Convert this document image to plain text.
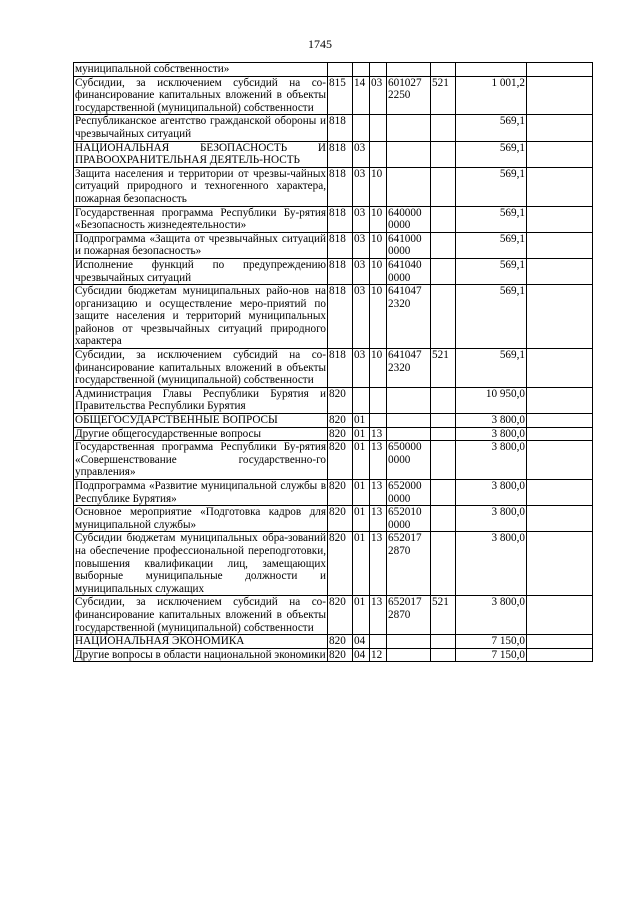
1745
муниципальной собственности»							
Субсидии, за исключением субсидий на со-финансирование капитальных вложений в объекты государственной (муниципальной) собственности	815	14	03	601027 2250	521	1 001,2	
Республиканское агентство гражданской обороны и чрезвычайных ситуаций	818					569,1	
НАЦИОНАЛЬНАЯ БЕЗОПАСНОСТЬ И ПРАВООХРАНИТЕЛЬНАЯ ДЕЯТЕЛЬ-НОСТЬ	818	03				569,1	
Защита населения и территории от чрезвы-чайных ситуаций природного и техногенного характера, пожарная безопасность	818	03	10			569,1	
Государственная программа Республики Бу-рятия «Безопасность жизнедеятельности»	818	03	10	640000 0000		569,1	
Подпрограмма «Защита от чрезвычайных ситуаций и пожарная безопасность»	818	03	10	641000 0000		569,1	
Исполнение функций по предупреждению чрезвычайных ситуаций	818	03	10	641040 0000		569,1	
Субсидии бюджетам муниципальных райо-нов на организацию и осуществление меро-приятий по защите населения и территорий муниципальных районов от чрезвычайных ситуаций природного характера	818	03	10	641047 2320		569,1	
Субсидии, за исключением субсидий на со-финансирование капитальных вложений в объекты государственной (муниципальной) собственности	818	03	10	641047 2320	521	569,1	
Администрация Главы Республики Бурятия и Правительства Республики Бурятия	820					10 950,0	
ОБЩЕГОСУДАРСТВЕННЫЕ ВОПРОСЫ	820	01				3 800,0	
Другие общегосударственные вопросы	820	01	13			3 800,0	
Государственная программа Республики Бу-рятия «Совершенствование государственно-го управления»	820	01	13	650000 0000		3 800,0	
Подпрограмма «Развитие муниципальной службы в Республике Бурятия»	820	01	13	652000 0000		3 800,0	
Основное мероприятие «Подготовка кадров для муниципальной службы»	820	01	13	652010 0000		3 800,0	
Субсидии бюджетам муниципальных обра-зований на обеспечение профессиональной переподготовки, повышения квалификации лиц, замещающих выборные муниципальные должности и муниципальных служащих	820	01	13	652017 2870		3 800,0	
Субсидии, за исключением субсидий на со-финансирование капитальных вложений в объекты государственной (муниципальной) собственности	820	01	13	652017 2870	521	3 800,0	
НАЦИОНАЛЬНАЯ ЭКОНОМИКА	820	04				7 150,0	
Другие вопросы в области национальной экономики	820	04	12			7 150,0	
